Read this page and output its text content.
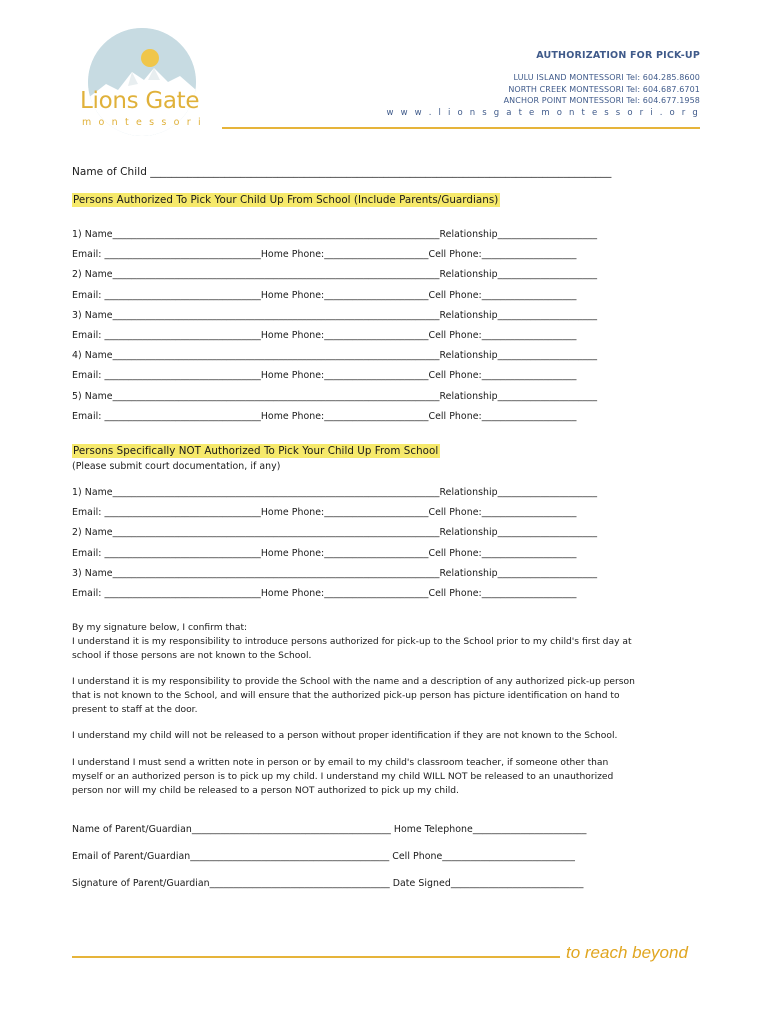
Lions Gate
montessori
AUTHORIZATION FOR PICK-UP
LULU ISLAND MONTESSORI Tel: 604.285.8600
NORTH CREEK MONTESSORI Tel: 604.687.6701
ANCHOR POINT MONTESSORI Tel: 604.677.1958
w w w . l i o n s g a t e m o n t e s s o r i . o r g
Name of Child _______________________________________________________________________________________
Persons Authorized To Pick Your Child Up From School (Include Parents/Guardians)
1) Name_____________________________________________________________________Relationship_____________________
Email: _________________________________Home Phone:______________________Cell Phone:____________________
2) Name_____________________________________________________________________Relationship_____________________
Email: _________________________________Home Phone:______________________Cell Phone:____________________
3) Name_____________________________________________________________________Relationship_____________________
Email: _________________________________Home Phone:______________________Cell Phone:____________________
4) Name_____________________________________________________________________Relationship_____________________
Email: _________________________________Home Phone:______________________Cell Phone:____________________
5) Name_____________________________________________________________________Relationship_____________________
Email: _________________________________Home Phone:______________________Cell Phone:____________________
Persons Specifically NOT Authorized To Pick Your Child Up From School
(Please submit court documentation, if any)
1) Name_____________________________________________________________________Relationship_____________________
Email: _________________________________Home Phone:______________________Cell Phone:____________________
2) Name_____________________________________________________________________Relationship_____________________
Email: _________________________________Home Phone:______________________Cell Phone:____________________
3) Name_____________________________________________________________________Relationship_____________________
Email: _________________________________Home Phone:______________________Cell Phone:____________________
By my signature below, I confirm that:
I understand it is my responsibility to introduce persons authorized for pick-up to the School prior to my child's first day at
school if those persons are not known to the School.
I understand it is my responsibility to provide the School with the name and a description of any authorized pick-up person
that is not known to the School, and will ensure that the authorized pick-up person has picture identification on hand to
present to staff at the door.
I understand my child will not be released to a person without proper identification if they are not known to the School.
I understand I must send a written note in person or by email to my child's classroom teacher, if someone other than
myself or an authorized person is to pick up my child. I understand my child WILL NOT be released to an unauthorized
person nor will my child be released to a person NOT authorized to pick up my child.
Name of Parent/Guardian__________________________________________ Home Telephone________________________
Email of Parent/Guardian__________________________________________ Cell Phone____________________________
Signature of Parent/Guardian______________________________________ Date Signed____________________________
to reach beyond
